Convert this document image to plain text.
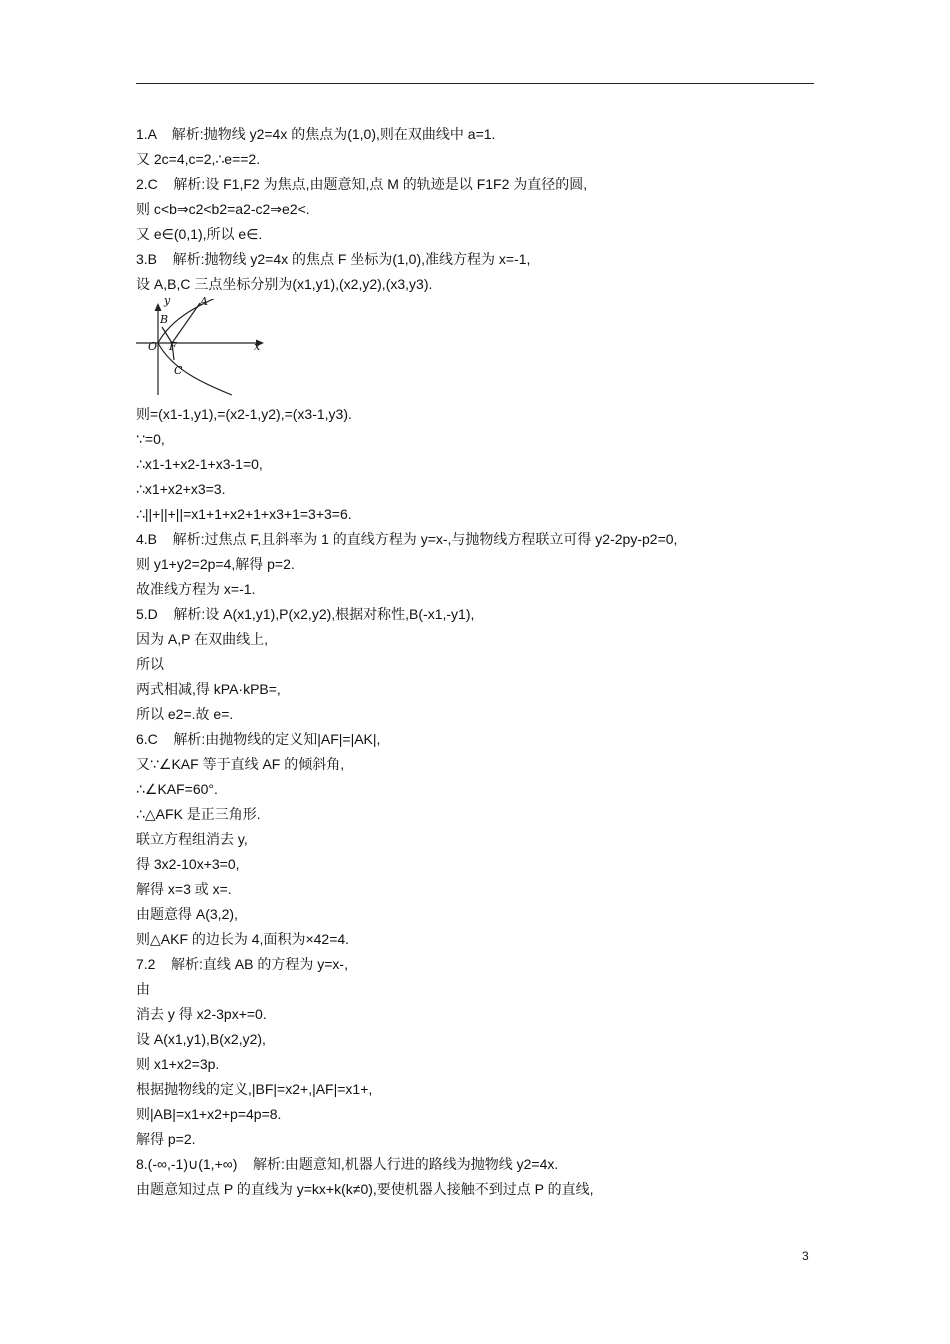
1.A    解析:抛物线 y2=4x 的焦点为(1,0),则在双曲线中 a=1.
又 2c=4,c=2,∴e==2.
2.C    解析:设 F1,F2 为焦点,由题意知,点 M 的轨迹是以 F1F2 为直径的圆,
则 c<b⇒c2<b2=a2-c2⇒e2<.
又 e∈(0,1),所以 e∈.
3.B    解析:抛物线 y2=4x 的焦点 F 坐标为(1,0),准线方程为 x=-1,
设 A,B,C 三点坐标分别为(x1,y1),(x2,y2),(x3,y3).
y	A
B
O F	x
C
则=(x1-1,y1),=(x2-1,y2),=(x3-1,y3).
∵=0,
∴x1-1+x2-1+x3-1=0,
∴x1+x2+x3=3.
∴||+||+||=x1+1+x2+1+x3+1=3+3=6.
4.B    解析:过焦点 F,且斜率为 1 的直线方程为 y=x-,与抛物线方程联立可得 y2-2py-p2=0,
则 y1+y2=2p=4,解得 p=2.
故准线方程为 x=-1.
5.D    解析:设 A(x1,y1),P(x2,y2),根据对称性,B(-x1,-y1),
因为 A,P 在双曲线上,
所以
两式相减,得 kPA·kPB=,
所以 e2=.故 e=.
6.C    解析:由抛物线的定义知|AF|=|AK|,
又∵∠KAF 等于直线 AF 的倾斜角,
∴∠KAF=60°.
∴△AFK 是正三角形.
联立方程组消去 y,
得 3x2-10x+3=0,
解得 x=3 或 x=.
由题意得 A(3,2),
则△AKF 的边长为 4,面积为×42=4.
7.2    解析:直线 AB 的方程为 y=x-,
由
消去 y 得 x2-3px+=0.
设 A(x1,y1),B(x2,y2),
则 x1+x2=3p.
根据抛物线的定义,|BF|=x2+,|AF|=x1+,
则|AB|=x1+x2+p=4p=8.
解得 p=2.
8.(-∞,-1)∪(1,+∞)    解析:由题意知,机器人行进的路线为抛物线 y2=4x.
由题意知过点 P 的直线为 y=kx+k(k≠0),要使机器人接触不到过点 P 的直线,
3
